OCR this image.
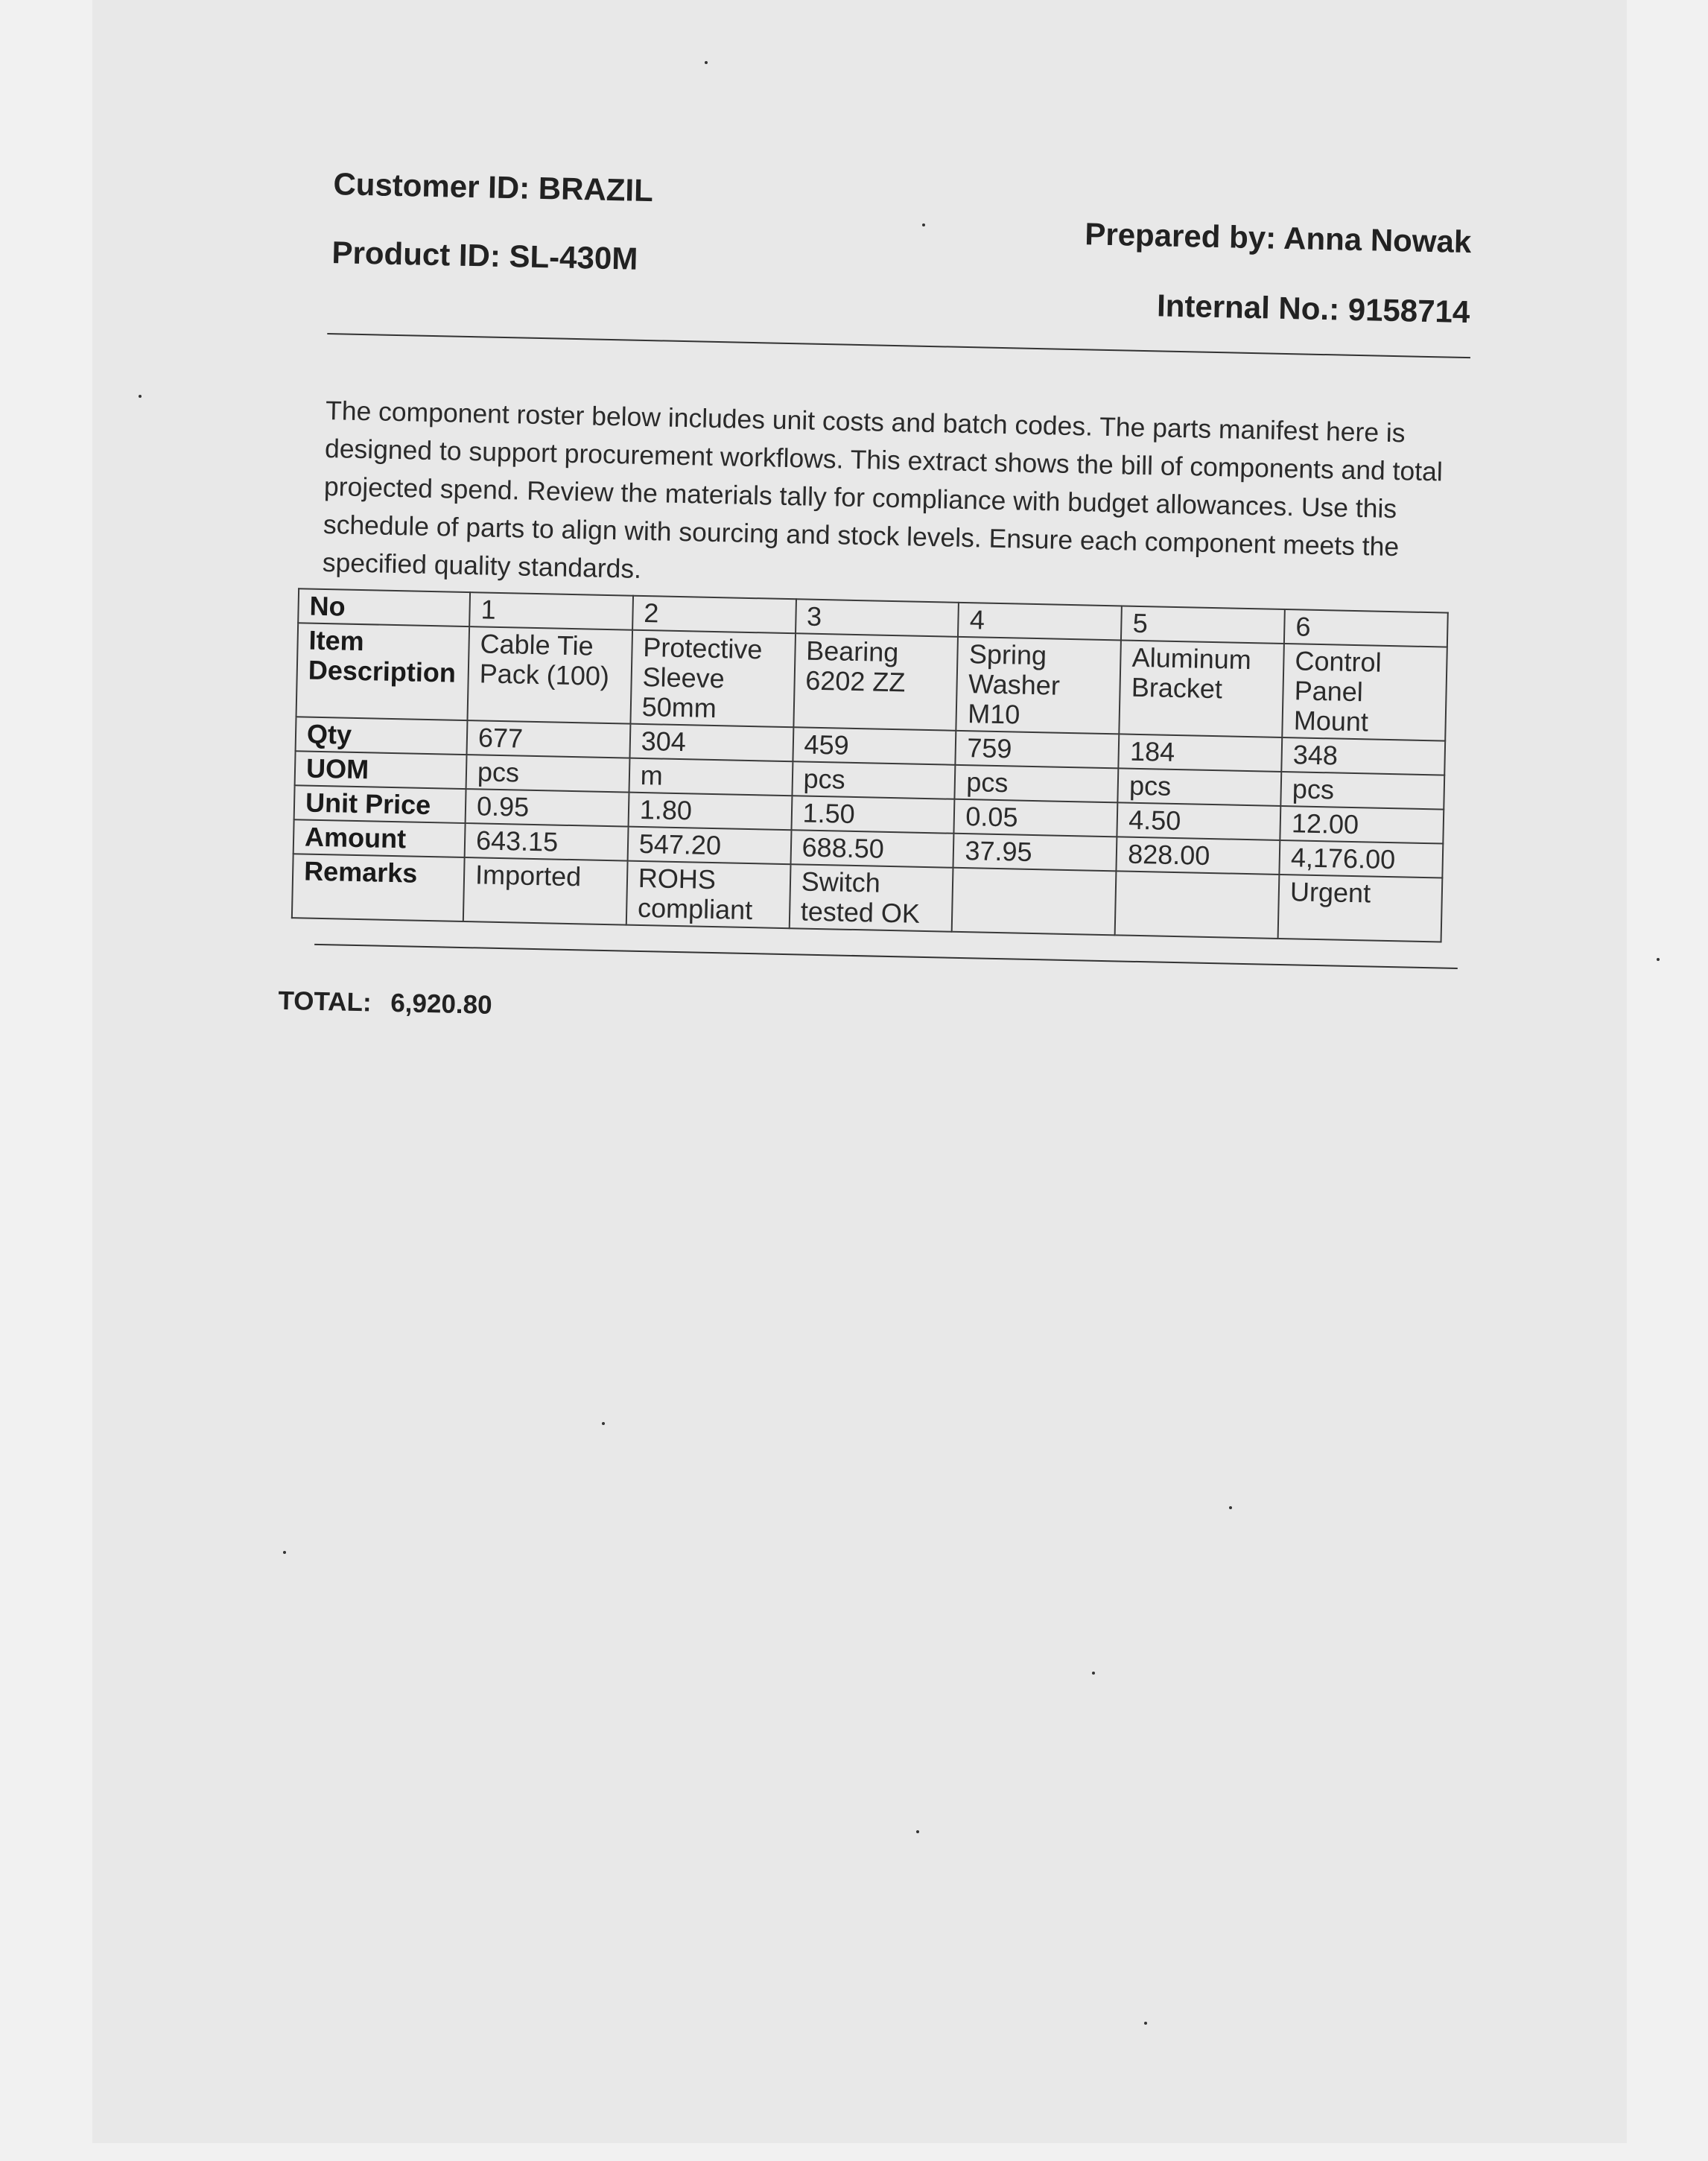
Customer ID: BRAZIL
Product ID: SL-430M
Prepared by: Anna Nowak
Internal No.: 9158714

The component roster below includes unit costs and batch codes. The parts manifest here is designed to support procurement workflows. This extract shows the bill of components and total projected spend. Review the materials tally for compliance with budget allowances. Use this schedule of parts to align with sourcing and stock levels. Ensure each component meets the specified quality standards.

No	1	2	3	4	5	6
Item Description	Cable Tie Pack (100)	Protective Sleeve 50mm	Bearing 6202 ZZ	Spring Washer M10	Aluminum Bracket	Control Panel Mount
Qty	677	304	459	759	184	348
UOM	pcs	m	pcs	pcs	pcs	pcs
Unit Price	0.95	1.80	1.50	0.05	4.50	12.00
Amount	643.15	547.20	688.50	37.95	828.00	4,176.00
Remarks	Imported	ROHS compliant	Switch tested OK			Urgent
TOTAL: 6,920.80
